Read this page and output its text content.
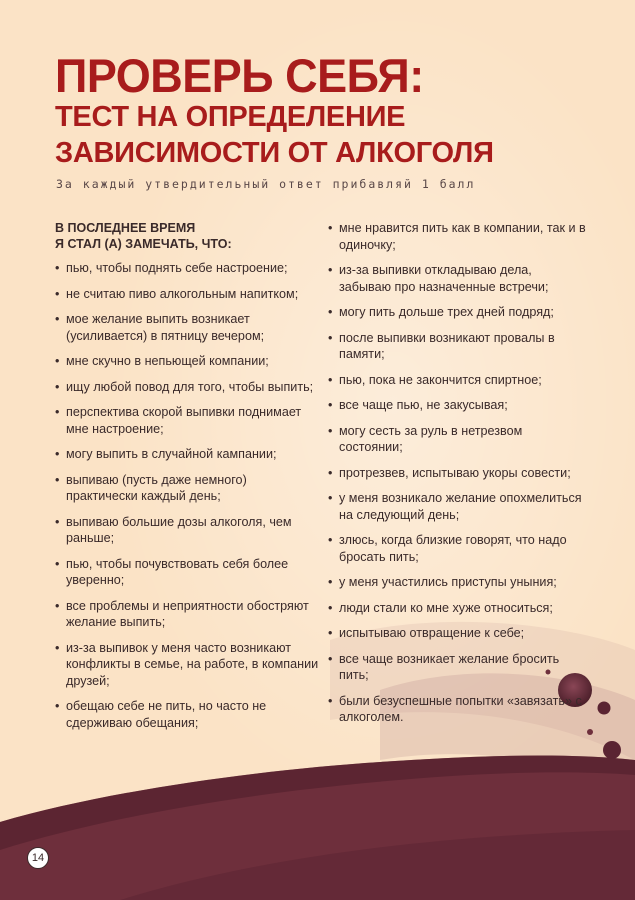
ПРОВЕРЬ СЕБЯ:
ТЕСТ НА ОПРЕДЕЛЕНИЕ
ЗАВИСИМОСТИ ОТ АЛКОГОЛЯ
За каждый утвердительный ответ прибавляй 1 балл
В ПОСЛЕДНЕЕ ВРЕМЯ
Я СТАЛ (А) ЗАМЕЧАТЬ, ЧТО:
• пью, чтобы поднять себе настроение;
• не считаю пиво алкогольным напитком;
• мое желание выпить возникает (усиливается) в пятницу вечером;
• мне скучно в непьющей компании;
• ищу любой повод для того, чтобы выпить;
• перспектива скорой выпивки поднимает мне настроение;
• могу выпить в случайной кампании;
• выпиваю (пусть даже немного) практически каждый день;
• выпиваю большие дозы алкоголя, чем раньше;
• пью, чтобы почувствовать себя более уверенно;
• все проблемы и неприятности обостряют желание выпить;
• из-за выпивок у меня часто возникают конфликты в семье, на работе, в компании друзей;
• обещаю себе не пить, но часто не сдерживаю обещания;
• мне нравится пить как в компании, так и в одиночку;
• из-за выпивки откладываю дела, забываю про назначенные встречи;
• могу пить дольше трех дней подряд;
• после выпивки возникают провалы в памяти;
• пью, пока не закончится спиртное;
• все чаще пью, не закусывая;
• могу сесть за руль в нетрезвом состоянии;
• протрезвев, испытываю укоры совести;
• у меня возникало желание опохмелиться на следующий день;
• злюсь, когда близкие говорят, что надо бросать пить;
• у меня участились приступы уныния;
• люди стали ко мне хуже относиться;
• испытываю отвращение к себе;
• все чаще возникает желание бросить пить;
• были безуспешные попытки «завязать» с алкоголем.
14
